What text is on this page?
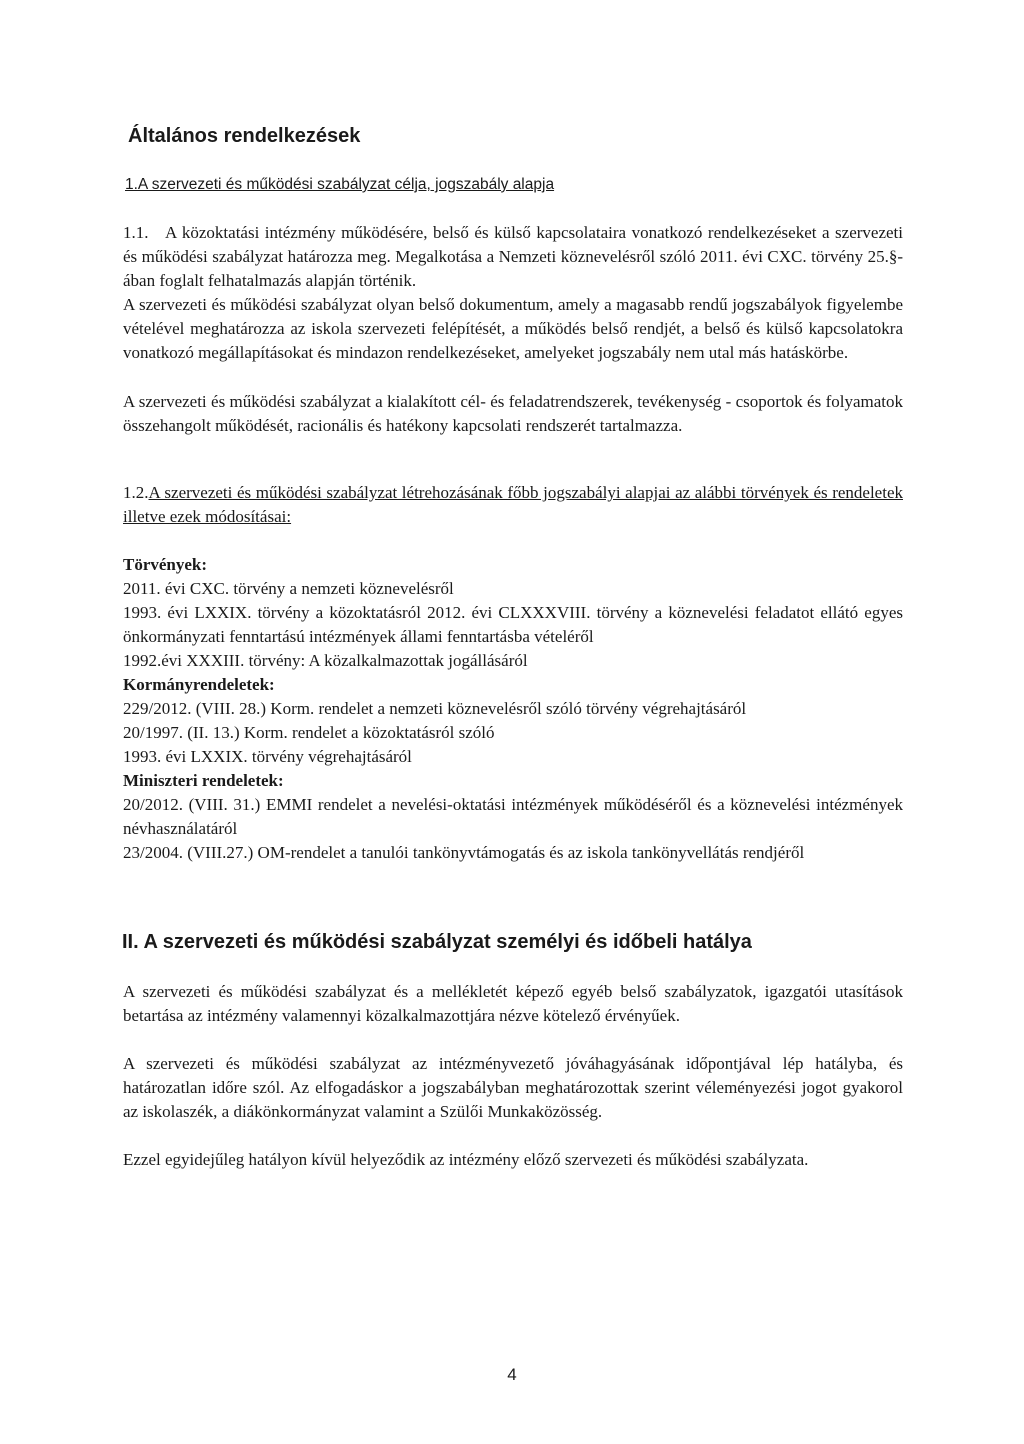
Általános rendelkezések
1.A szervezeti és működési szabályzat célja, jogszabály alapja
1.1. A közoktatási intézmény működésére, belső és külső kapcsolataira vonatkozó rendelkezéseket a szervezeti és működési szabályzat határozza meg. Megalkotása a Nemzeti köznevelésről szóló 2011. évi CXC. törvény 25.§-ában foglalt felhatalmazás alapján történik.
A szervezeti és működési szabályzat olyan belső dokumentum, amely a magasabb rendű jogszabályok figyelembe vételével meghatározza az iskola szervezeti felépítését, a működés belső rendjét, a belső és külső kapcsolatokra vonatkozó megállapításokat és mindazon rendelkezéseket, amelyeket jogszabály nem utal más hatáskörbe.
A szervezeti és működési szabályzat a kialakított cél- és feladatrendszerek, tevékenység - csoportok és folyamatok összehangolt működését, racionális és hatékony kapcsolati rendszerét tartalmazza.
1.2.A szervezeti és működési szabályzat létrehozásának főbb jogszabályi alapjai az alábbi törvények és rendeletek illetve ezek módosításai:
Törvények:
2011. évi CXC. törvény a nemzeti köznevelésről
1993. évi LXXIX. törvény a közoktatásról 2012. évi CLXXXVIII. törvény a köznevelési feladatot ellátó egyes önkormányzati fenntartású intézmények állami fenntartásba vételéről
1992.évi XXXIII. törvény: A közalkalmazottak jogállásáról
Kormányrendeletek:
229/2012. (VIII. 28.) Korm. rendelet a nemzeti köznevelésről szóló törvény végrehajtásáról
20/1997. (II. 13.) Korm. rendelet a közoktatásról szóló
1993. évi LXXIX. törvény végrehajtásáról
Miniszteri rendeletek:
20/2012. (VIII. 31.) EMMI rendelet a nevelési-oktatási intézmények működéséről és a köznevelési intézmények névhasználatáról
23/2004. (VIII.27.) OM-rendelet a tanulói tankönyvtámogatás és az iskola tankönyvellátás rendjéről
II. A szervezeti és működési szabályzat személyi és időbeli hatálya
A szervezeti és működési szabályzat és a mellékletét képező egyéb belső szabályzatok, igazgatói utasítások betartása az intézmény valamennyi közalkalmazottjára nézve kötelező érvényűek.
A szervezeti és működési szabályzat az intézményvezető jóváhagyásának időpontjával lép hatályba, és határozatlan időre szól. Az elfogadáskor a jogszabályban meghatározottak szerint véleményezési jogot gyakorol az iskolaszék, a diákönkormányzat valamint a Szülői Munkaközösség.
Ezzel egyidejűleg hatályon kívül helyeződik az intézmény előző szervezeti és működési szabályzata.
4
